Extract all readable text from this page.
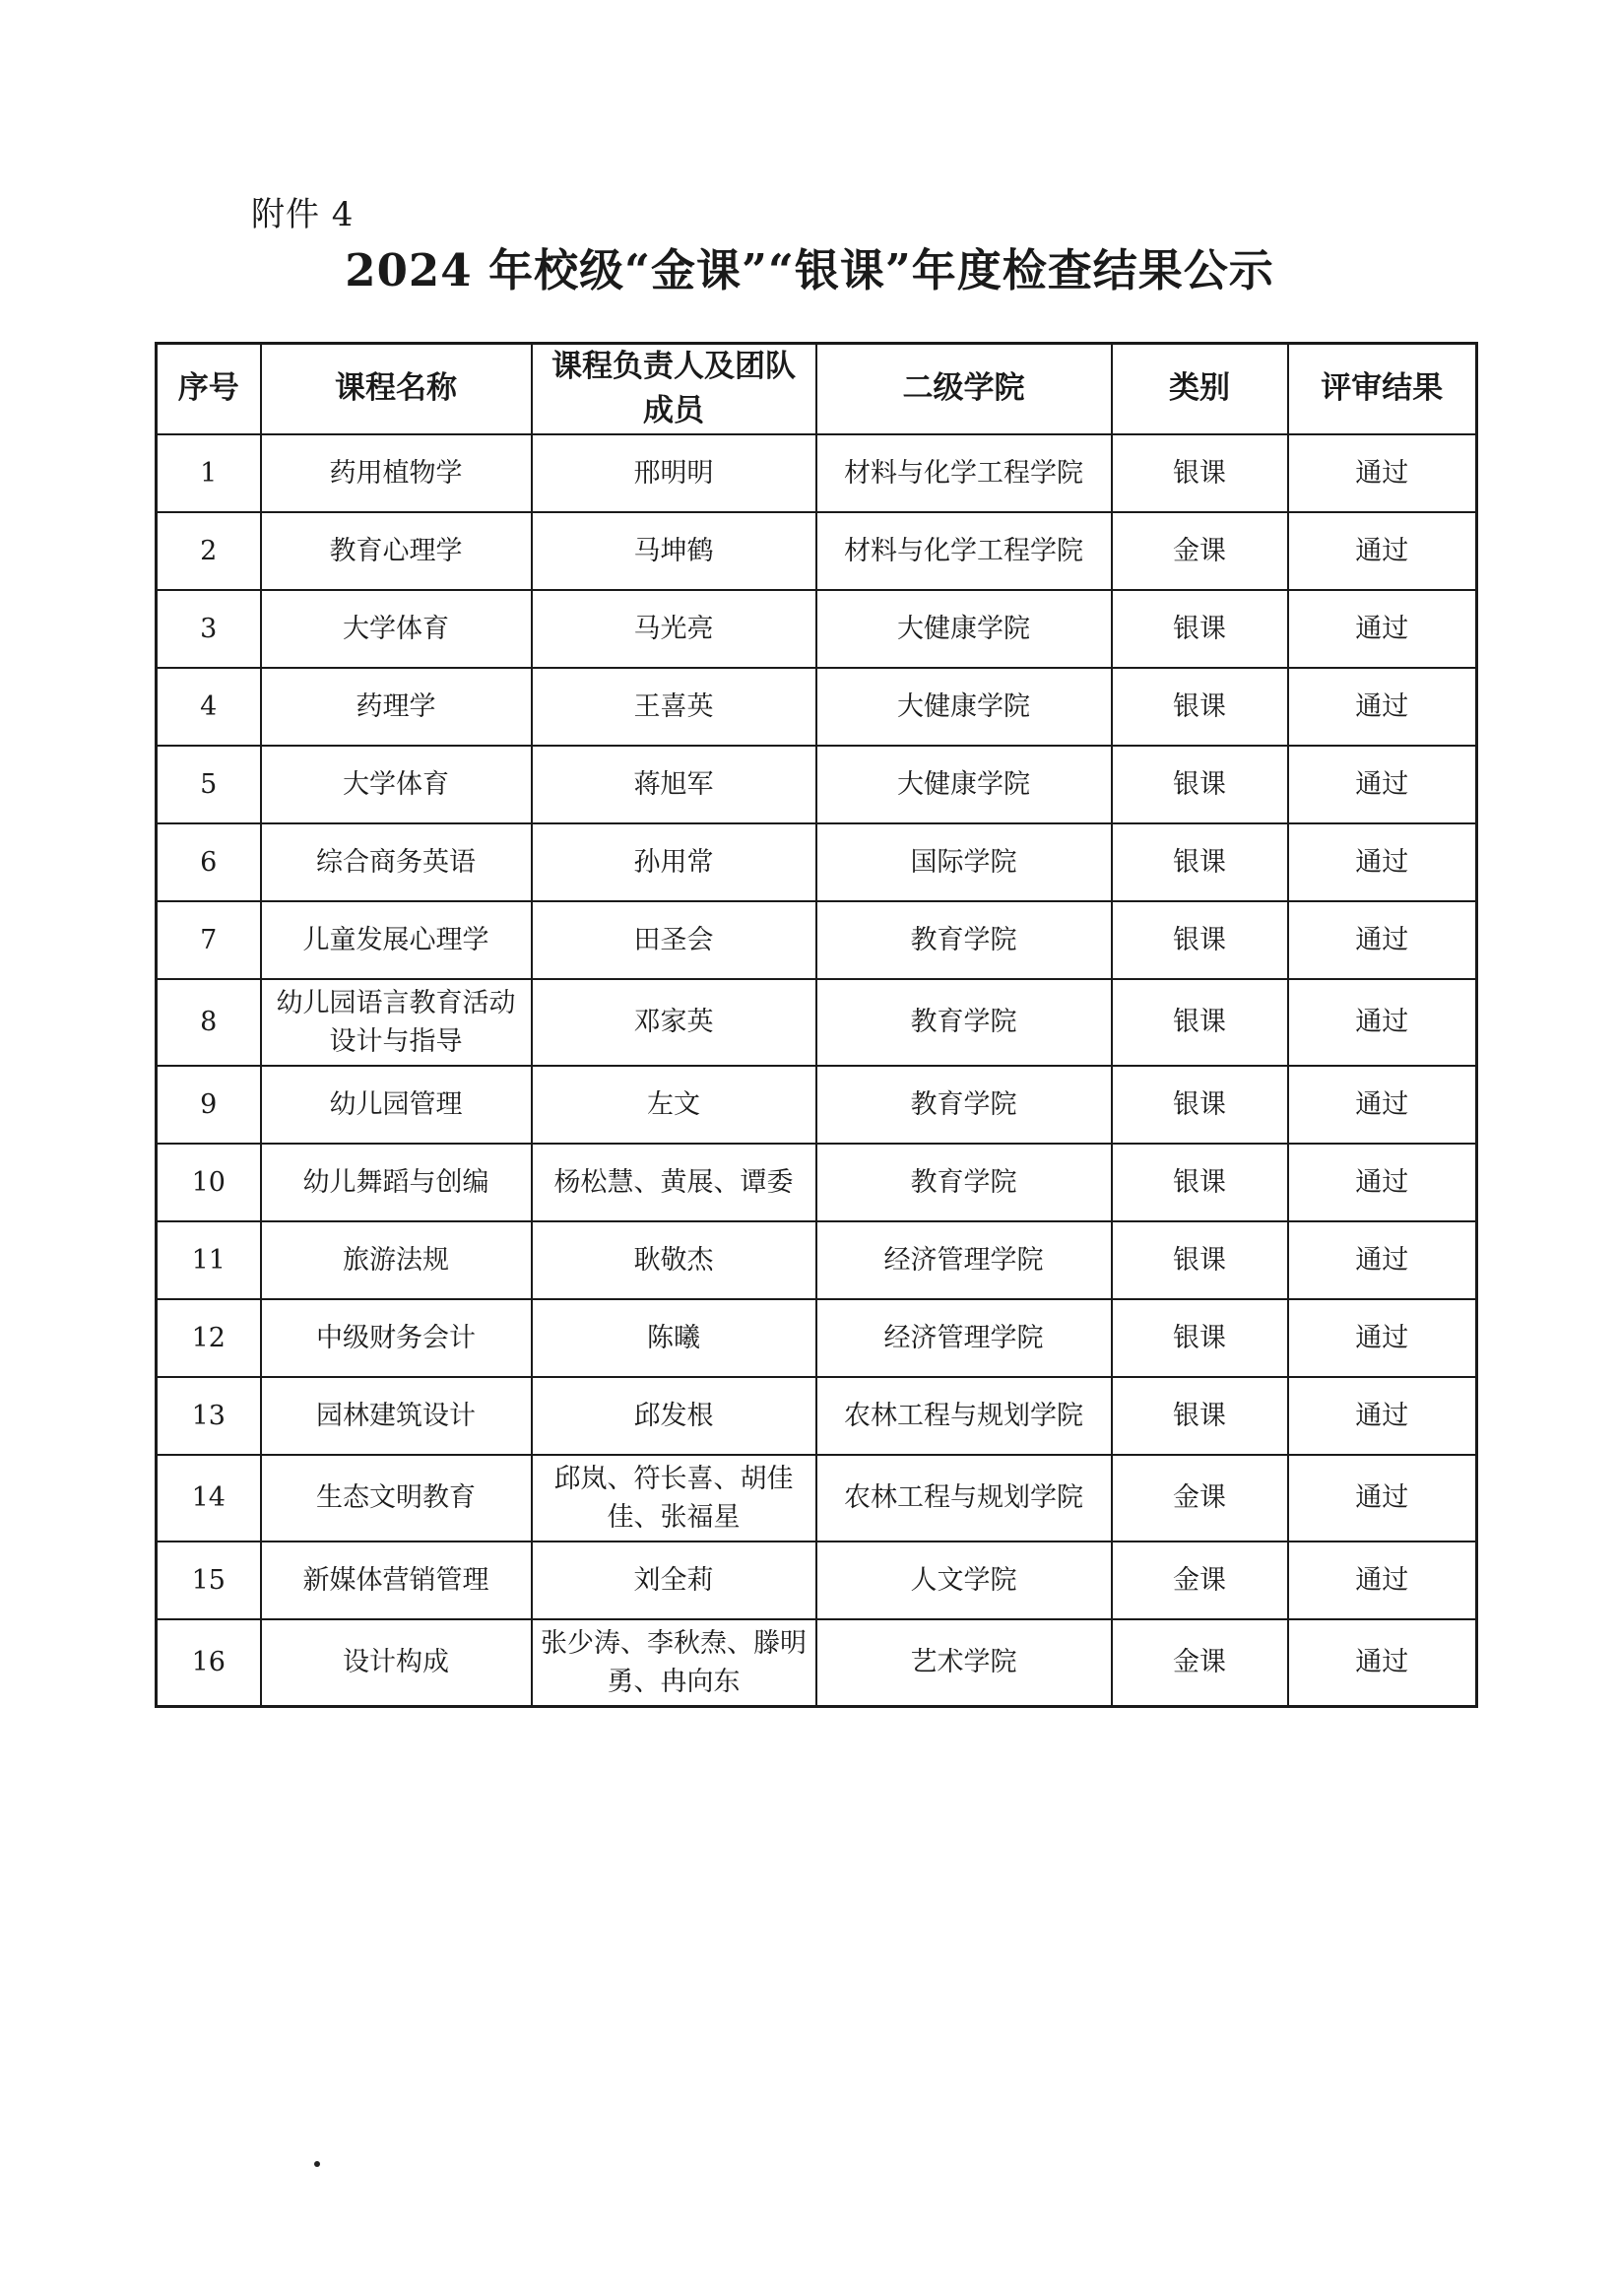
附件 4
2024 年校级“金课”“银课”年度检查结果公示
序号	课程名称	课程负责人及团队成员	二级学院	类别	评审结果
1	药用植物学	邢明明	材料与化学工程学院	银课	通过
2	教育心理学	马坤鹤	材料与化学工程学院	金课	通过
3	大学体育	马光亮	大健康学院	银课	通过
4	药理学	王喜英	大健康学院	银课	通过
5	大学体育	蒋旭军	大健康学院	银课	通过
6	综合商务英语	孙用常	国际学院	银课	通过
7	儿童发展心理学	田圣会	教育学院	银课	通过
8	幼儿园语言教育活动设计与指导	邓家英	教育学院	银课	通过
9	幼儿园管理	左文	教育学院	银课	通过
10	幼儿舞蹈与创编	杨松慧、黄展、谭委	教育学院	银课	通过
11	旅游法规	耿敬杰	经济管理学院	银课	通过
12	中级财务会计	陈曦	经济管理学院	银课	通过
13	园林建筑设计	邱发根	农林工程与规划学院	银课	通过
14	生态文明教育	邱岚、符长喜、胡佳佳、张福星	农林工程与规划学院	金课	通过
15	新媒体营销管理	刘全莉	人文学院	金课	通过
16	设计构成	张少涛、李秋焘、滕明勇、冉向东	艺术学院	金课	通过
